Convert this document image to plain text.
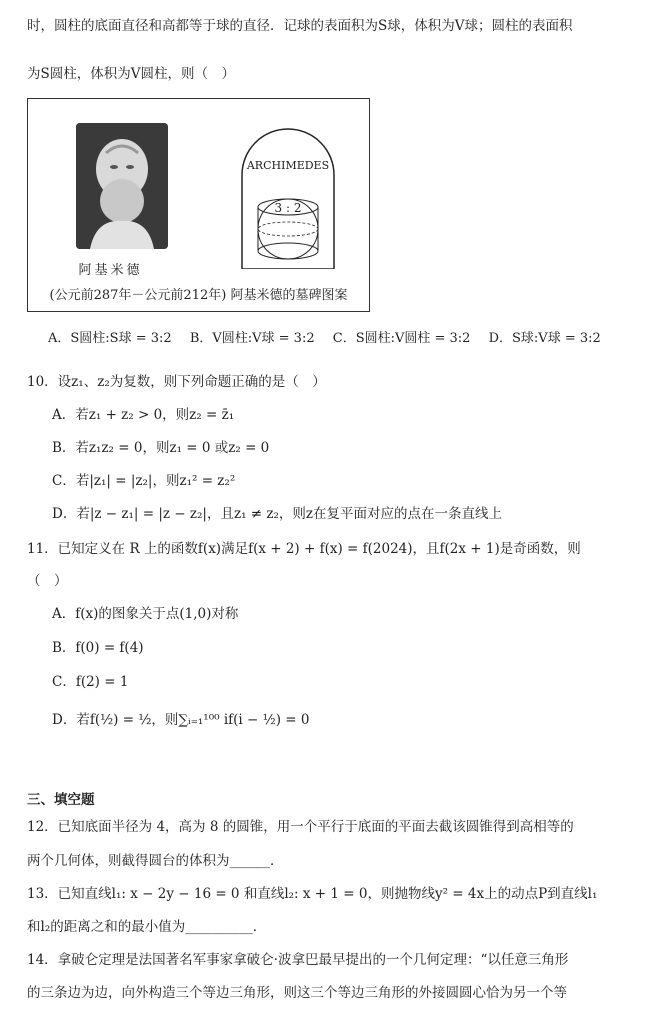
时，圆柱的底面直径和高都等于球的直径．记球的表面积为S球，体积为V球；圆柱的表面积
为S圆柱，体积为V圆柱，则（　）
阿基米德
ARCHIMEDES
3 : 2
(公元前287年－公元前212年) 阿基米德的墓碑图案
A．S圆柱:S球 = 3:2 B．V圆柱:V球 = 3:2 C．S圆柱:V圆柱 = 3:2 D．S球:V球 = 3:2
10．设z₁、z₂为复数，则下列命题正确的是（　）
A．若z₁ + z₂ > 0，则z₂ = z̄₁
B．若z₁z₂ = 0，则z₁ = 0 或z₂ = 0
C．若|z₁| = |z₂|，则z₁² = z₂²
D．若|z − z₁| = |z − z₂|，且z₁ ≠ z₂，则z在复平面对应的点在一条直线上
11．已知定义在 R 上的函数f(x)满足f(x + 2) + f(x) = f(2024)，且f(2x + 1)是奇函数，则
（　）
A．f(x)的图象关于点(1,0)对称
B．f(0) = f(4)
C．f(2) = 1
D．若f(½) = ½，则∑ᵢ₌₁¹⁰⁰ if(i − ½) = 0
三、填空题
12．已知底面半径为 4，高为 8 的圆锥，用一个平行于底面的平面去截该圆锥得到高相等的
两个几何体，则截得圆台的体积为______．
13．已知直线l₁: x − 2y − 16 = 0 和直线l₂: x + 1 = 0，则抛物线y² = 4x上的动点P到直线l₁
和l₂的距离之和的最小值为__________．
14．拿破仑定理是法国著名军事家拿破仑·波拿巴最早提出的一个几何定理：“以任意三角形
的三条边为边，向外构造三个等边三角形，则这三个等边三角形的外接圆圆心恰为另一个等
